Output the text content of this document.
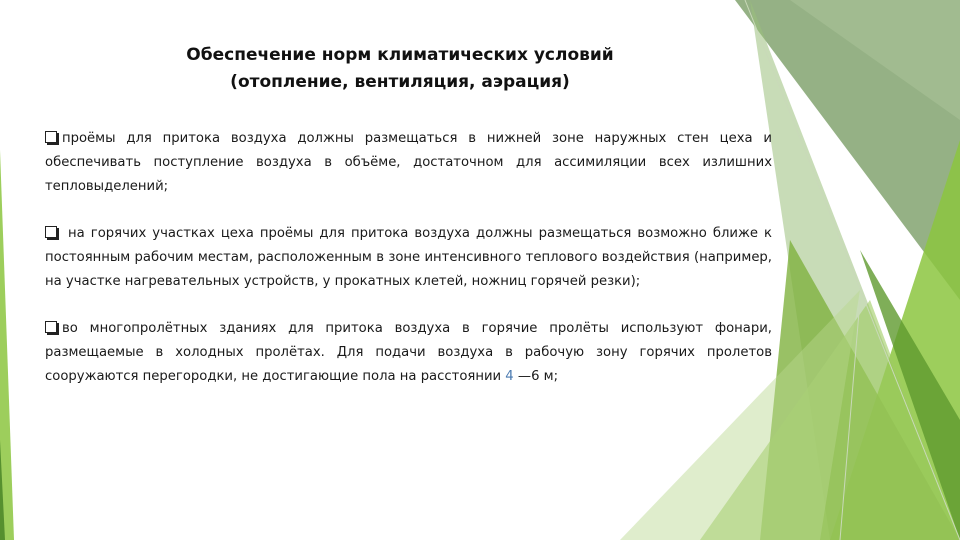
Обеспечение норм климатических условий
(отопление, вентиляция, аэрация)

проёмы для притока воздуха должны размещаться в нижней зоне наружных стен цеха и обеспечивать поступление воздуха в объёме, достаточном для ассимиляции всех излишних тепловыделений;

на горячих участках цеха проёмы для притока воздуха должны размещаться возможно ближе к постоянным рабочим местам, расположенным в зоне интенсивного теплового воздействия (например, на участке нагревательных устройств, у прокатных клетей, ножниц горячей резки);

во многопролётных зданиях для притока воздуха в горячие пролёты используют фонари, размещаемые в холодных пролётах. Для подачи воздуха в рабочую зону горячих пролетов сооружаются перегородки, не достигающие пола на расстоянии 4 —6 м;
